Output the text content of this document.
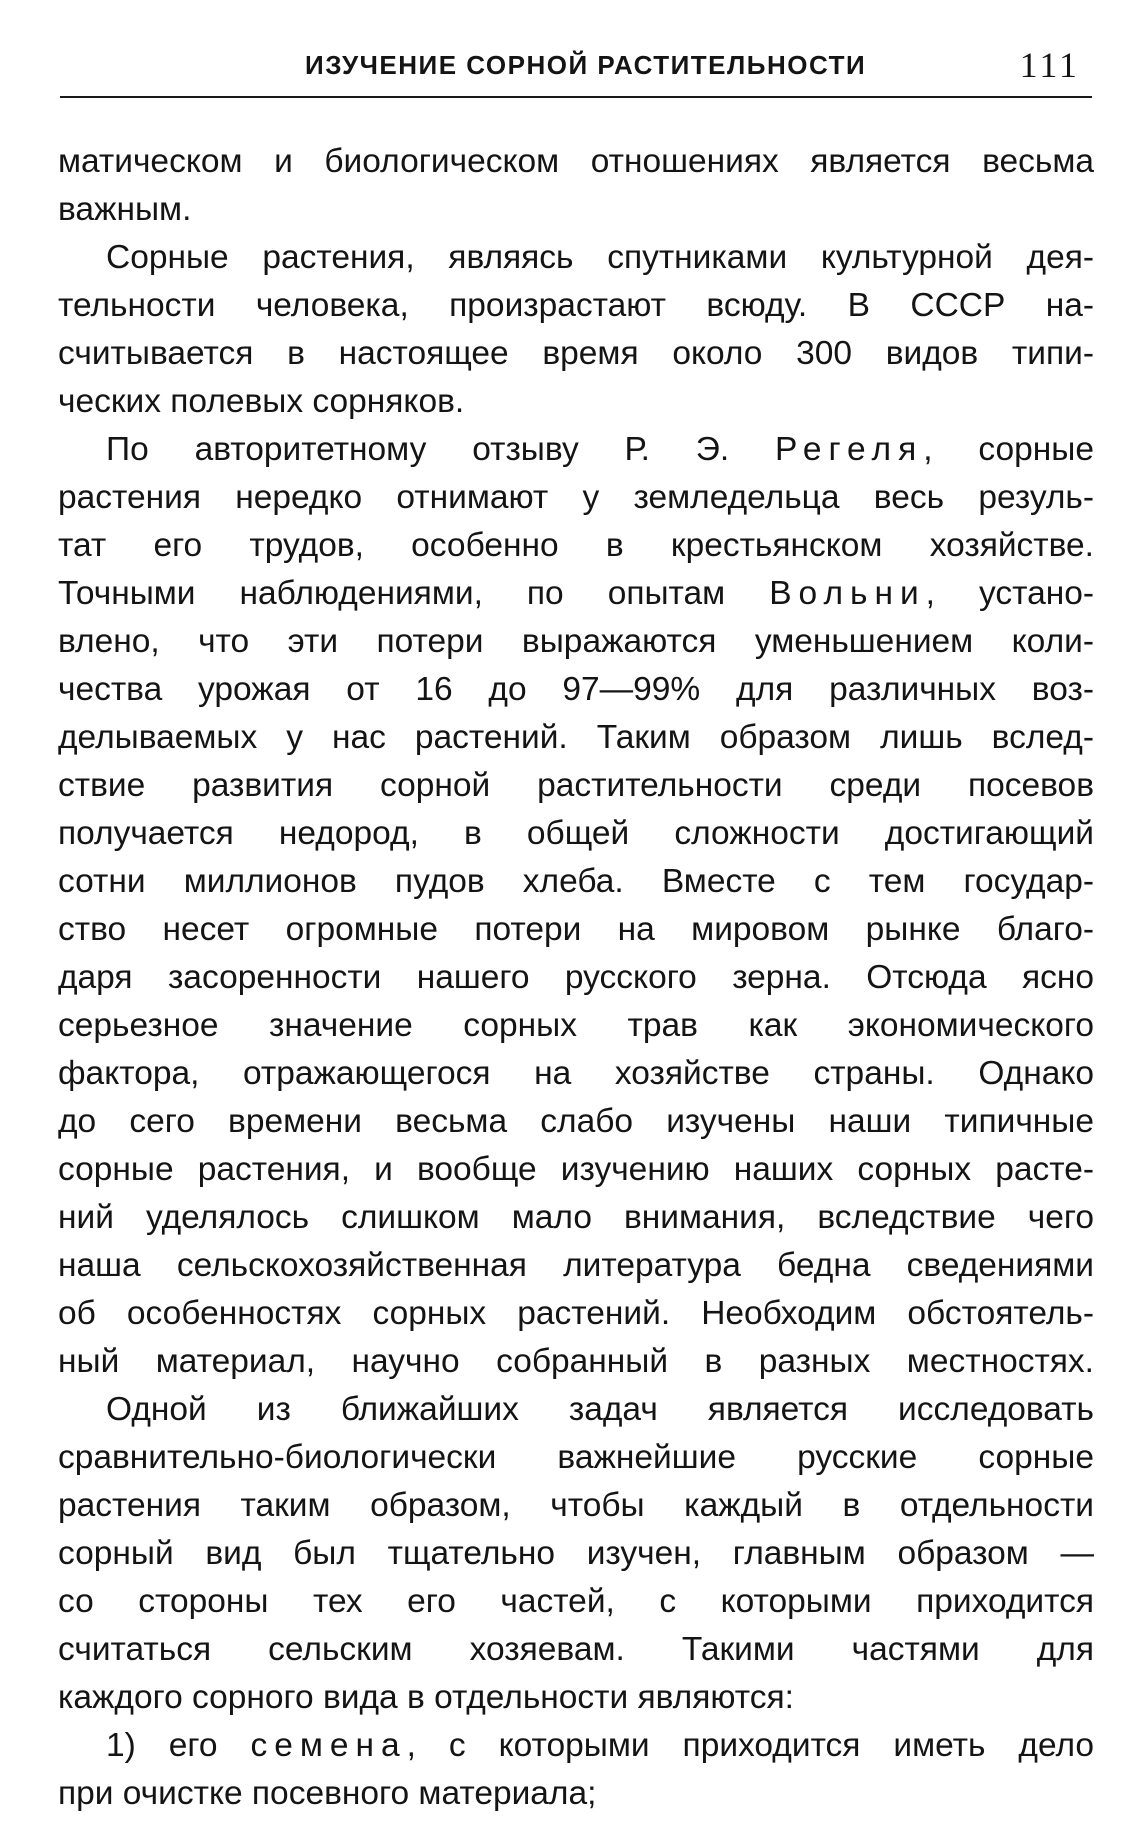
ИЗУЧЕНИЕ СОРНОЙ РАСТИТЕЛЬНОСТИ	111
матическом и биологическом отношениях является весьма
важным.
Сорные растения, являясь спутниками культурной дея-
тельности человека, произрастают всюду. В СССР на-
считывается в настоящее время около 300 видов типи-
ческих полевых сорняков.
По авторитетному отзыву Р. Э. Регеля, сорные
растения нередко отнимают у земледельца весь резуль-
тат его трудов, особенно в крестьянском хозяйстве.
Точными наблюдениями, по опытам Вольни, устано-
влено, что эти потери выражаются уменьшением коли-
чества урожая от 16 до 97—99% для различных воз-
делываемых у нас растений. Таким образом лишь вслед-
ствие развития сорной растительности среди посевов
получается недород, в общей сложности достигающий
сотни миллионов пудов хлеба. Вместе с тем государ-
ство несет огромные потери на мировом рынке благо-
даря засоренности нашего русского зерна. Отсюда ясно
серьезное значение сорных трав как экономического
фактора, отражающегося на хозяйстве страны. Однако
до сего времени весьма слабо изучены наши типичные
сорные растения, и вообще изучению наших сорных расте-
ний уделялось слишком мало внимания, вследствие чего
наша сельскохозяйственная литература бедна сведениями
об особенностях сорных растений. Необходим обстоятель-
ный материал, научно собранный в разных местностях.
Одной из ближайших задач является исследовать
сравнительно-биологически важнейшие русские сорные
растения таким образом, чтобы каждый в отдельности
сорный вид был тщательно изучен, главным образом —
со стороны тех его частей, с которыми приходится
считаться сельским хозяевам. Такими частями для
каждого сорного вида в отдельности являются:
1) его семена, с которыми приходится иметь дело
при очистке посевного материала;
